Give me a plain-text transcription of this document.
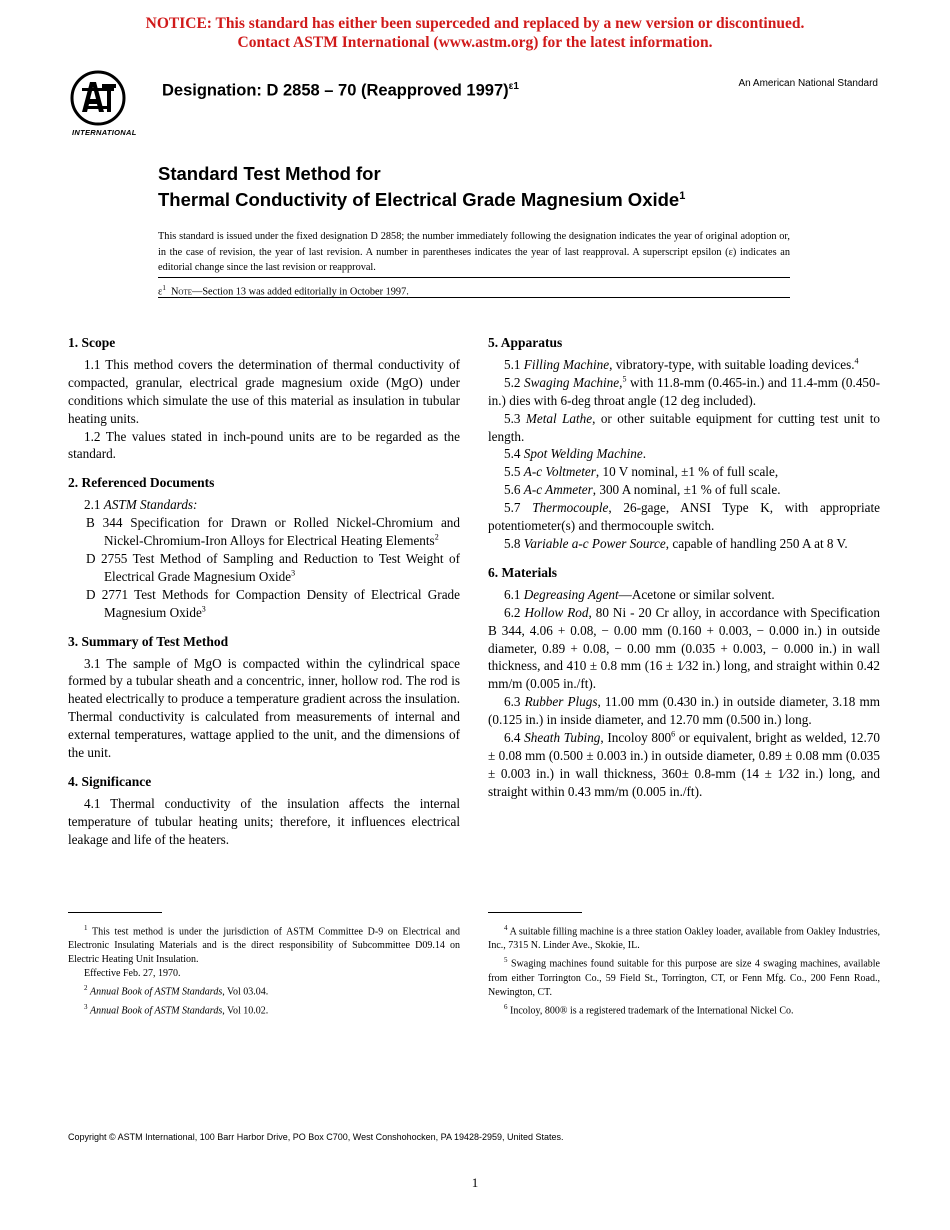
NOTICE: This standard has either been superceded and replaced by a new version or discontinued.
Contact ASTM International (www.astm.org) for the latest information.
INTERNATIONAL
Designation: D 2858 – 70 (Reapproved 1997)$^{\varepsilon 1}$	An American National Standard
Standard Test Method for
Thermal Conductivity of Electrical Grade Magnesium Oxide$^1$
This standard is issued under the fixed designation D 2858; the number immediately following the designation indicates the year of original adoption or, in the case of revision, the year of last revision. A number in parentheses indicates the year of last reapproval. A superscript epsilon (ε) indicates an editorial change since the last revision or reapproval.
$\varepsilon^1$ Note—Section 13 was added editorially in October 1997.
1. Scope

1.1 This method covers the determination of thermal conductivity of compacted, granular, electrical grade magnesium oxide (MgO) under conditions which simulate the use of this material as insulation in tubular heating units.

1.2 The values stated in inch-pound units are to be regarded as the standard.

2. Referenced Documents

2.1 ASTM Standards:

B 344 Specification for Drawn or Rolled Nickel-Chromium and Nickel-Chromium-Iron Alloys for Electrical Heating Elements$^2$

D 2755 Test Method of Sampling and Reduction to Test Weight of Electrical Grade Magnesium Oxide$^3$

D 2771 Test Methods for Compaction Density of Electrical Grade Magnesium Oxide$^3$

3. Summary of Test Method

3.1 The sample of MgO is compacted within the cylindrical space formed by a tubular sheath and a concentric, inner, hollow rod. The rod is heated electrically to produce a temperature gradient across the insulation. Thermal conductivity is calculated from measurements of internal and external temperatures, wattage applied to the unit, and the dimensions of the unit.

4. Significance

4.1 Thermal conductivity of the insulation affects the internal temperature of tubular heating units; therefore, it influences electrical leakage and life of the heaters.

5. Apparatus

5.1 Filling Machine, vibratory-type, with suitable loading devices.$^4$

5.2 Swaging Machine,$^5$ with 11.8-mm (0.465-in.) and 11.4-mm (0.450-in.) dies with 6-deg throat angle (12 deg included).

5.3 Metal Lathe, or other suitable equipment for cutting test unit to length.

5.4 Spot Welding Machine.

5.5 A-c Voltmeter, 10 V nominal, ±1 % of full scale,

5.6 A-c Ammeter, 300 A nominal, ±1 % of full scale.

5.7 Thermocouple, 26-gage, ANSI Type K, with appropriate potentiometer(s) and thermocouple switch.

5.8 Variable a-c Power Source, capable of handling 250 A at 8 V.

6. Materials

6.1 Degreasing Agent—Acetone or similar solvent.

6.2 Hollow Rod, 80 Ni - 20 Cr alloy, in accordance with Specification B 344, 4.06 + 0.08, − 0.00 mm (0.160 + 0.003, − 0.000 in.) in outside diameter, 0.89 + 0.08, − 0.00 mm (0.035 + 0.003, − 0.000 in.) in wall thickness, and 410 ± 0.8 mm (16 ± 1⁄32 in.) long, and straight within 0.42 mm/m (0.005 in./ft).

6.3 Rubber Plugs, 11.00 mm (0.430 in.) in outside diameter, 3.18 mm (0.125 in.) in inside diameter, and 12.70 mm (0.500 in.) long.

6.4 Sheath Tubing, Incoloy 800$^6$ or equivalent, bright as welded, 12.70 ± 0.08 mm (0.500 ± 0.003 in.) in outside diameter, 0.89 ± 0.08 mm (0.035 ± 0.003 in.) in wall thickness, 360± 0.8-mm (14 ± 1⁄32 in.) long, and straight within 0.43 mm/m (0.005 in./ft).

$^1$ This test method is under the jurisdiction of ASTM Committee D-9 on Electrical and Electronic Insulating Materials and is the direct responsibility of Subcommittee D09.14 on Electric Heating Unit Insulation.

Effective Feb. 27, 1970.

$^2$ Annual Book of ASTM Standards, Vol 03.04.

$^3$ Annual Book of ASTM Standards, Vol 10.02.

$^4$ A suitable filling machine is a three station Oakley loader, available from Oakley Industries, Inc., 7315 N. Linder Ave., Skokie, IL.

$^5$ Swaging machines found suitable for this purpose are size 4 swaging machines, available from either Torrington Co., 59 Field St., Torrington, CT, or Fenn Mfg. Co., 200 Fenn Road., Newington, CT.

$^6$ Incoloy, 800® is a registered trademark of the International Nickel Co.

Copyright © ASTM International, 100 Barr Harbor Drive, PO Box C700, West Conshohocken, PA 19428-2959, United States.
1
